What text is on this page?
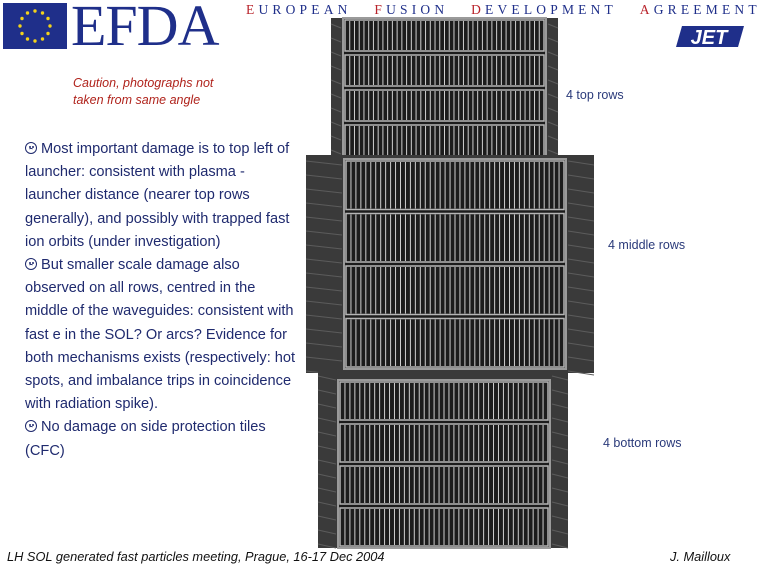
EFDA EUROPEAN FUSION DEVELOPMENT AGREEMENT
JET
Caution, photographs not
taken from same angle
Most important damage is to top left of launcher: consistent with plasma - launcher distance (nearer top rows generally), and possibly with trapped fast ion orbits (under investigation)
But smaller scale damage also observed on all rows, centred in the middle of the waveguides: consistent with fast e in the SOL? Or arcs? Evidence for both mechanisms exists (respectively: hot spots, and imbalance trips in coincidence with radiation spike).
No damage on side protection tiles (CFC)
4 top rows
4 middle rows
4 bottom rows
LH SOL generated fast particles meeting, Prague, 16-17 Dec 2004	J. Mailloux
